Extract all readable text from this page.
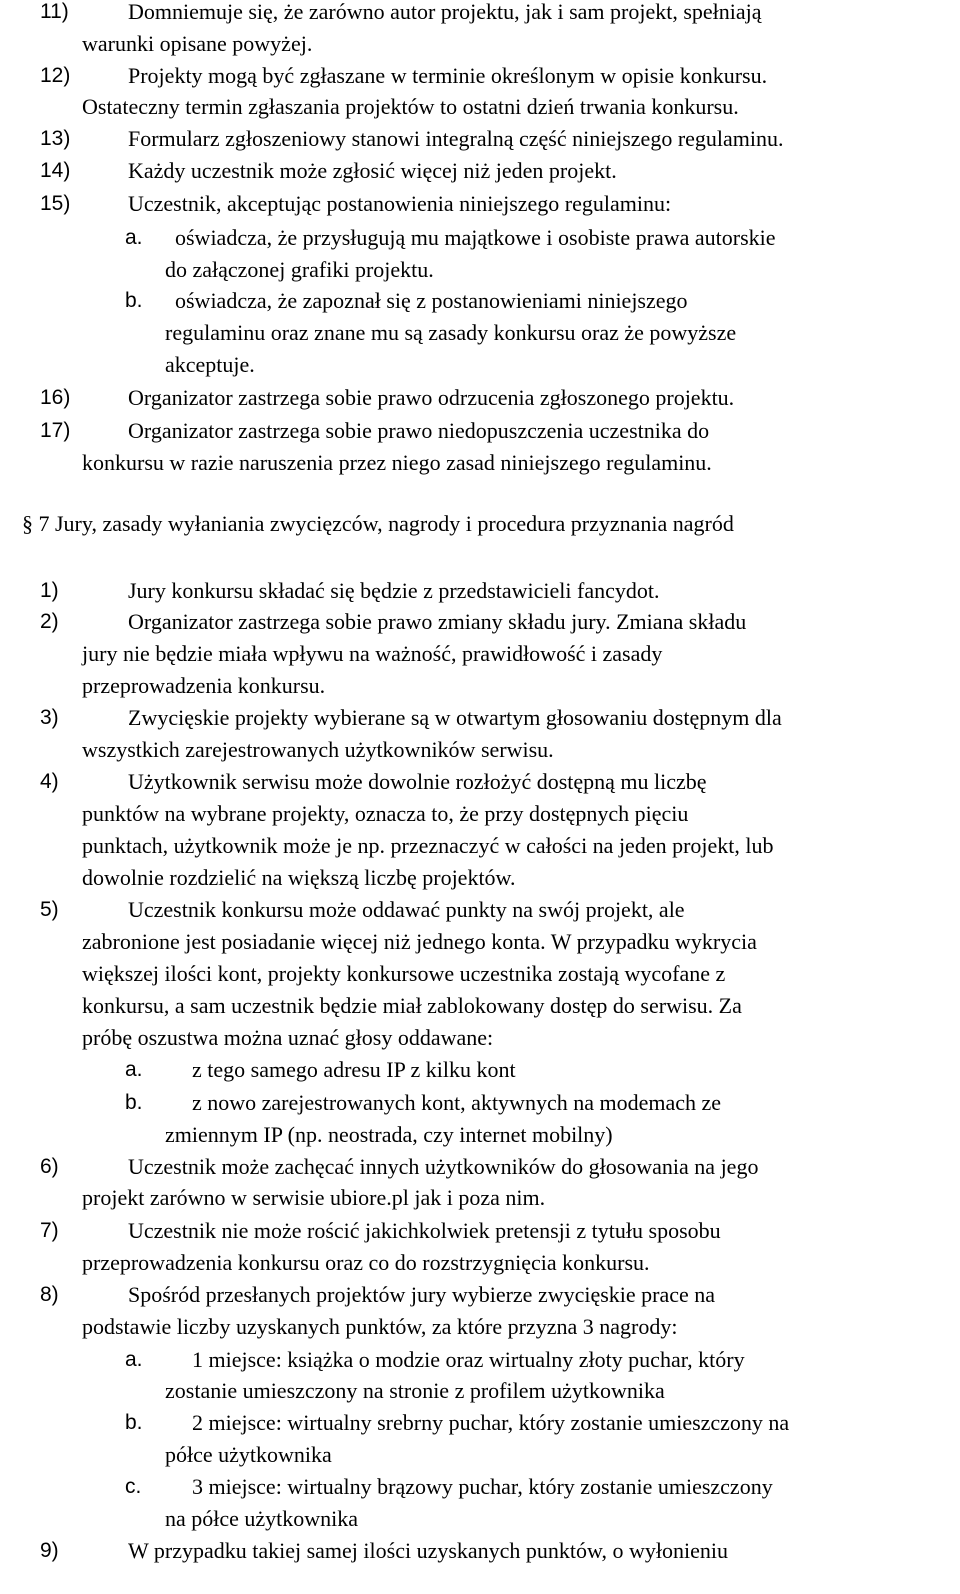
11)	Domniemuje się, że zarówno autor projektu, jak i sam projekt, spełniają
warunki opisane powyżej.
12)	Projekty mogą być zgłaszane w terminie określonym w opisie konkursu.
Ostateczny termin zgłaszania projektów to ostatni dzień trwania konkursu.
13)	Formularz zgłoszeniowy stanowi integralną część niniejszego regulaminu.
14)	Każdy uczestnik może zgłosić więcej niż jeden projekt.
15)	Uczestnik, akceptując postanowienia niniejszego regulaminu:
a.	oświadcza, że przysługują mu majątkowe i osobiste prawa autorskie
do załączonej grafiki projektu.
b.	oświadcza, że zapoznał się z postanowieniami niniejszego
regulaminu oraz znane mu są zasady konkursu oraz że powyższe
akceptuje.
16)	Organizator zastrzega sobie prawo odrzucenia zgłoszonego projektu.
17)	Organizator zastrzega sobie prawo niedopuszczenia uczestnika do
konkursu w razie naruszenia przez niego zasad niniejszego regulaminu.
§ 7 Jury, zasady wyłaniania zwycięzców, nagrody i procedura przyznania nagród
1)	Jury konkursu składać się będzie z przedstawicieli fancydot.
2)	Organizator zastrzega sobie prawo zmiany składu jury. Zmiana składu
jury nie będzie miała wpływu na ważność, prawidłowość i zasady
przeprowadzenia konkursu.
3)	Zwycięskie projekty wybierane są w otwartym głosowaniu dostępnym dla
wszystkich zarejestrowanych użytkowników serwisu.
4)	Użytkownik serwisu może dowolnie rozłożyć dostępną mu liczbę
punktów na wybrane projekty, oznacza to, że przy dostępnych pięciu
punktach, użytkownik może je np. przeznaczyć w całości na jeden projekt, lub
dowolnie rozdzielić na większą liczbę projektów.
5)	Uczestnik konkursu może oddawać punkty na swój projekt, ale
zabronione jest posiadanie więcej niż jednego konta. W przypadku wykrycia
większej ilości kont, projekty konkursowe uczestnika zostają wycofane z
konkursu, a sam uczestnik będzie miał zablokowany dostęp do serwisu. Za
próbę oszustwa można uznać głosy oddawane:
a.	z tego samego adresu IP z kilku kont
b.	z nowo zarejestrowanych kont, aktywnych na modemach ze
zmiennym IP (np. neostrada, czy internet mobilny)
6)	Uczestnik może zachęcać innych użytkowników do głosowania na jego
projekt zarówno w serwisie ubiore.pl jak i poza nim.
7)	Uczestnik nie może rościć jakichkolwiek pretensji z tytułu sposobu
przeprowadzenia konkursu oraz co do rozstrzygnięcia konkursu.
8)	Spośród przesłanych projektów jury wybierze zwycięskie prace na
podstawie liczby uzyskanych punktów, za które przyzna 3 nagrody:
a.	1 miejsce: książka o modzie oraz wirtualny złoty puchar, który
zostanie umieszczony na stronie z profilem użytkownika
b.	2 miejsce: wirtualny srebrny puchar, który zostanie umieszczony na
półce użytkownika
c.	3 miejsce: wirtualny brązowy puchar, który zostanie umieszczony
na półce użytkownika
9)	W przypadku takiej samej ilości uzyskanych punktów, o wyłonieniu
